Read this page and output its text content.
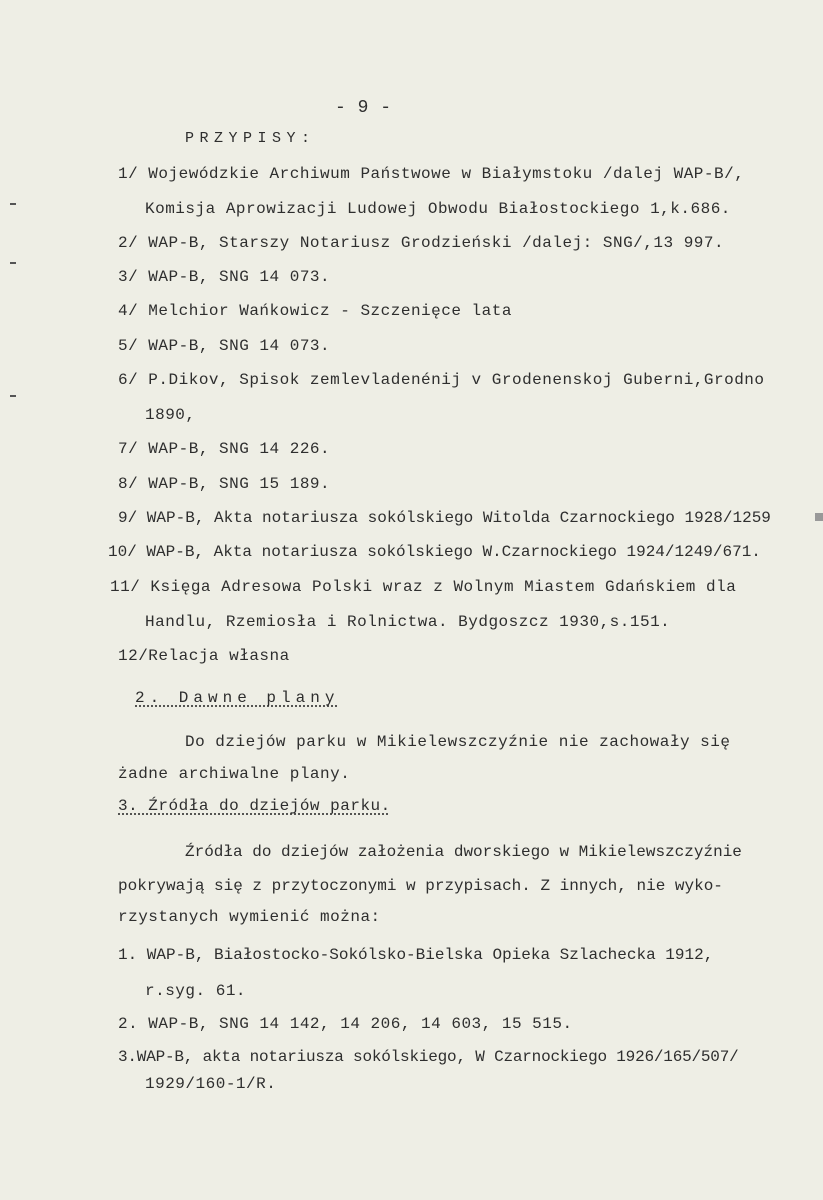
- 9 -
PRZYPISY:
1/ Wojewódzkie Archiwum Państwowe w Białymstoku /dalej WAP-B/,
Komisja Aprowizacji Ludowej Obwodu Białostockiego 1,k.686.
2/ WAP-B, Starszy Notariusz Grodzieński /dalej: SNG/,13 997.
3/ WAP-B, SNG 14 073.
4/ Melchior Wańkowicz - Szczenięce lata
5/ WAP-B, SNG 14 073.
6/ P.Dikov, Spisok zemlevladenénij v Grodenenskoj Guberni,Grodno
1890,
7/ WAP-B, SNG 14 226.
8/ WAP-B, SNG 15 189.
9/ WAP-B, Akta notariusza sokólskiego Witolda Czarnockiego 1928/1259
10/ WAP-B, Akta notariusza sokólskiego W.Czarnockiego 1924/1249/671.
11/ Księga Adresowa Polski wraz z Wolnym Miastem Gdańskiem dla
Handlu, Rzemiosła i Rolnictwa. Bydgoszcz 1930,s.151.
12/Relacja własna
2. Dawne plany
Do dziejów parku w Mikielewszczyźnie nie zachowały się
żadne archiwalne plany.
3. Źródła do dziejów parku.
Źródła do dziejów założenia dworskiego w Mikielewszczyźnie
pokrywają się z przytoczonymi w przypisach. Z innych, nie wyko-
rzystanych wymienić można:
1. WAP-B, Białostocko-Sokólsko-Bielska Opieka Szlachecka 1912,
r.syg. 61.
2. WAP-B, SNG 14 142, 14 206, 14 603, 15 515.
3.WAP-B, akta notariusza sokólskiego, W Czarnockiego 1926/165/507/
1929/160-1/R.
